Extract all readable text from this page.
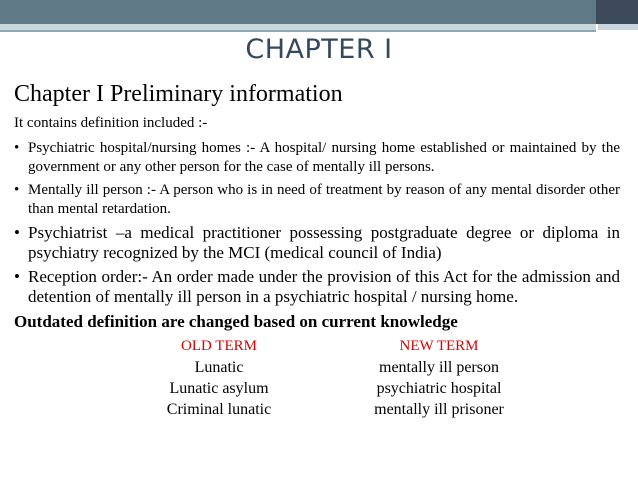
CHAPTER I
Chapter I Preliminary information
It contains definition included :-
• Psychiatric hospital/nursing homes :- A hospital/ nursing home established or maintained by the government or any other person for the case of mentally ill persons.
• Mentally ill person :- A person who is in need of treatment by reason of any mental disorder other than mental retardation.
• Psychiatrist –a medical practitioner possessing postgraduate degree or diploma in psychiatry recognized by the MCI (medical council of India)
• Reception order:- An order made under the provision of this Act for the admission and detention of mentally ill person in a psychiatric hospital / nursing home.
Outdated definition are changed based on current knowledge
OLD TERM	NEW TERM
Lunatic	mentally ill person
Lunatic asylum	psychiatric hospital
Criminal lunatic	mentally ill prisoner
